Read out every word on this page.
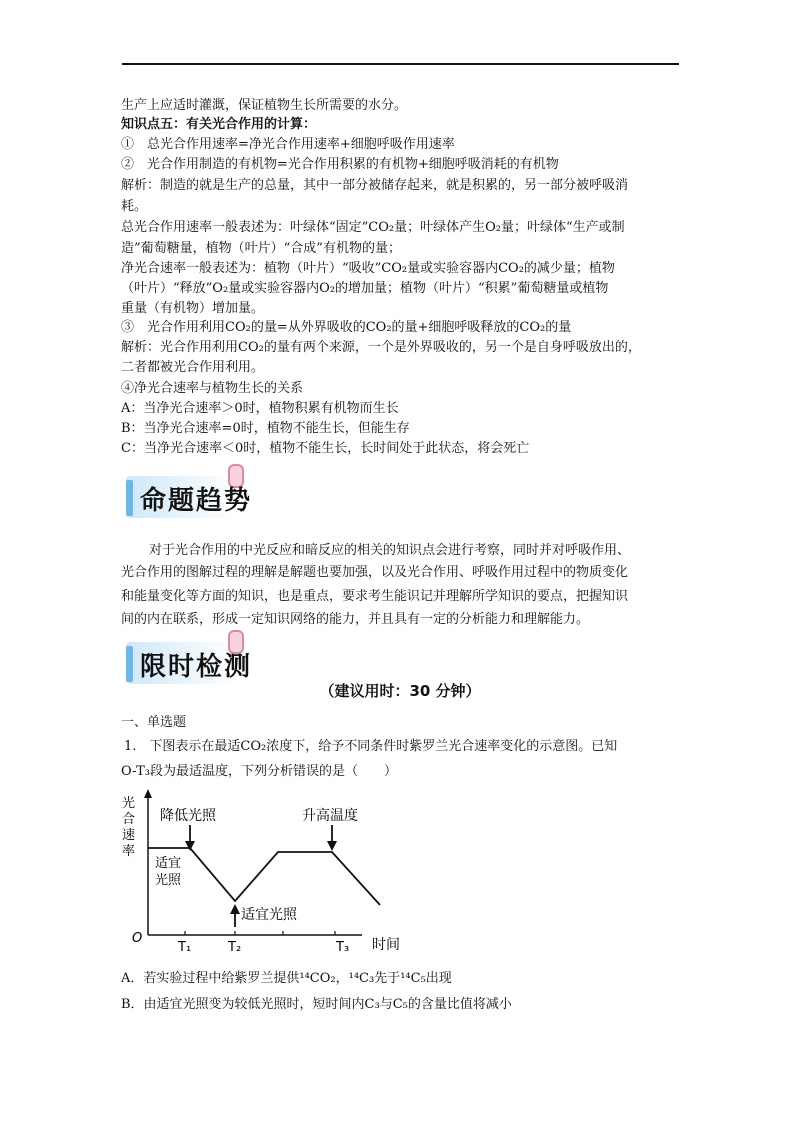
生产上应适时灌溉，保证植物生长所需要的水分。
知识点五：有关光合作用的计算：
①　总光合作用速率=净光合作用速率+细胞呼吸作用速率
②　光合作用制造的有机物=光合作用积累的有机物+细胞呼吸消耗的有机物
解析：制造的就是生产的总量，其中一部分被储存起来，就是积累的，另一部分被呼吸消
耗。
总光合作用速率一般表述为：叶绿体“固定”CO₂量；叶绿体产生O₂量；叶绿体“生产或制
造”葡萄糖量，植物（叶片）“合成”有机物的量；
净光合速率一般表述为：植物（叶片）“吸收”CO₂量或实验容器内CO₂的减少量；植物
（叶片）“释放”O₂量或实验容器内O₂的增加量；植物（叶片）“积累”葡萄糖量或植物
重量（有机物）增加量。
③　光合作用利用CO₂的量=从外界吸收的CO₂的量+细胞呼吸释放的CO₂的量
解析：光合作用利用CO₂的量有两个来源，一个是外界吸收的，另一个是自身呼吸放出的，
二者都被光合作用利用。
④净光合速率与植物生长的关系
A：当净光合速率＞0时，植物积累有机物而生长
B：当净光合速率=0时，植物不能生长，但能生存
C：当净光合速率＜0时，植物不能生长，长时间处于此状态，将会死亡
命题趋势
对于光合作用的中光反应和暗反应的相关的知识点会进行考察，同时并对呼吸作用、
光合作用的图解过程的理解是解题也要加强，以及光合作用、呼吸作用过程中的物质变化
和能量变化等方面的知识，也是重点，要求考生能识记并理解所学知识的要点，把握知识
间的内在联系，形成一定知识网络的能力，并且具有一定的分析能力和理解能力。
限时检测
（建议用时：30 分钟）
一、单选题
1.　下图表示在最适CO₂浓度下，给予不同条件时紫罗兰光合速率变化的示意图。已知
O-T₃段为最适温度，下列分析错误的是（　　）
光
合
速
率
O
T₁	T₂	T₃ 时间
降低光照	升高温度
适宜
光照
适宜光照
A．若实验过程中给紫罗兰提供¹⁴CO₂，¹⁴C₃先于¹⁴C₅出现
B．由适宜光照变为较低光照时，短时间内C₃与C₅的含量比值将减小
